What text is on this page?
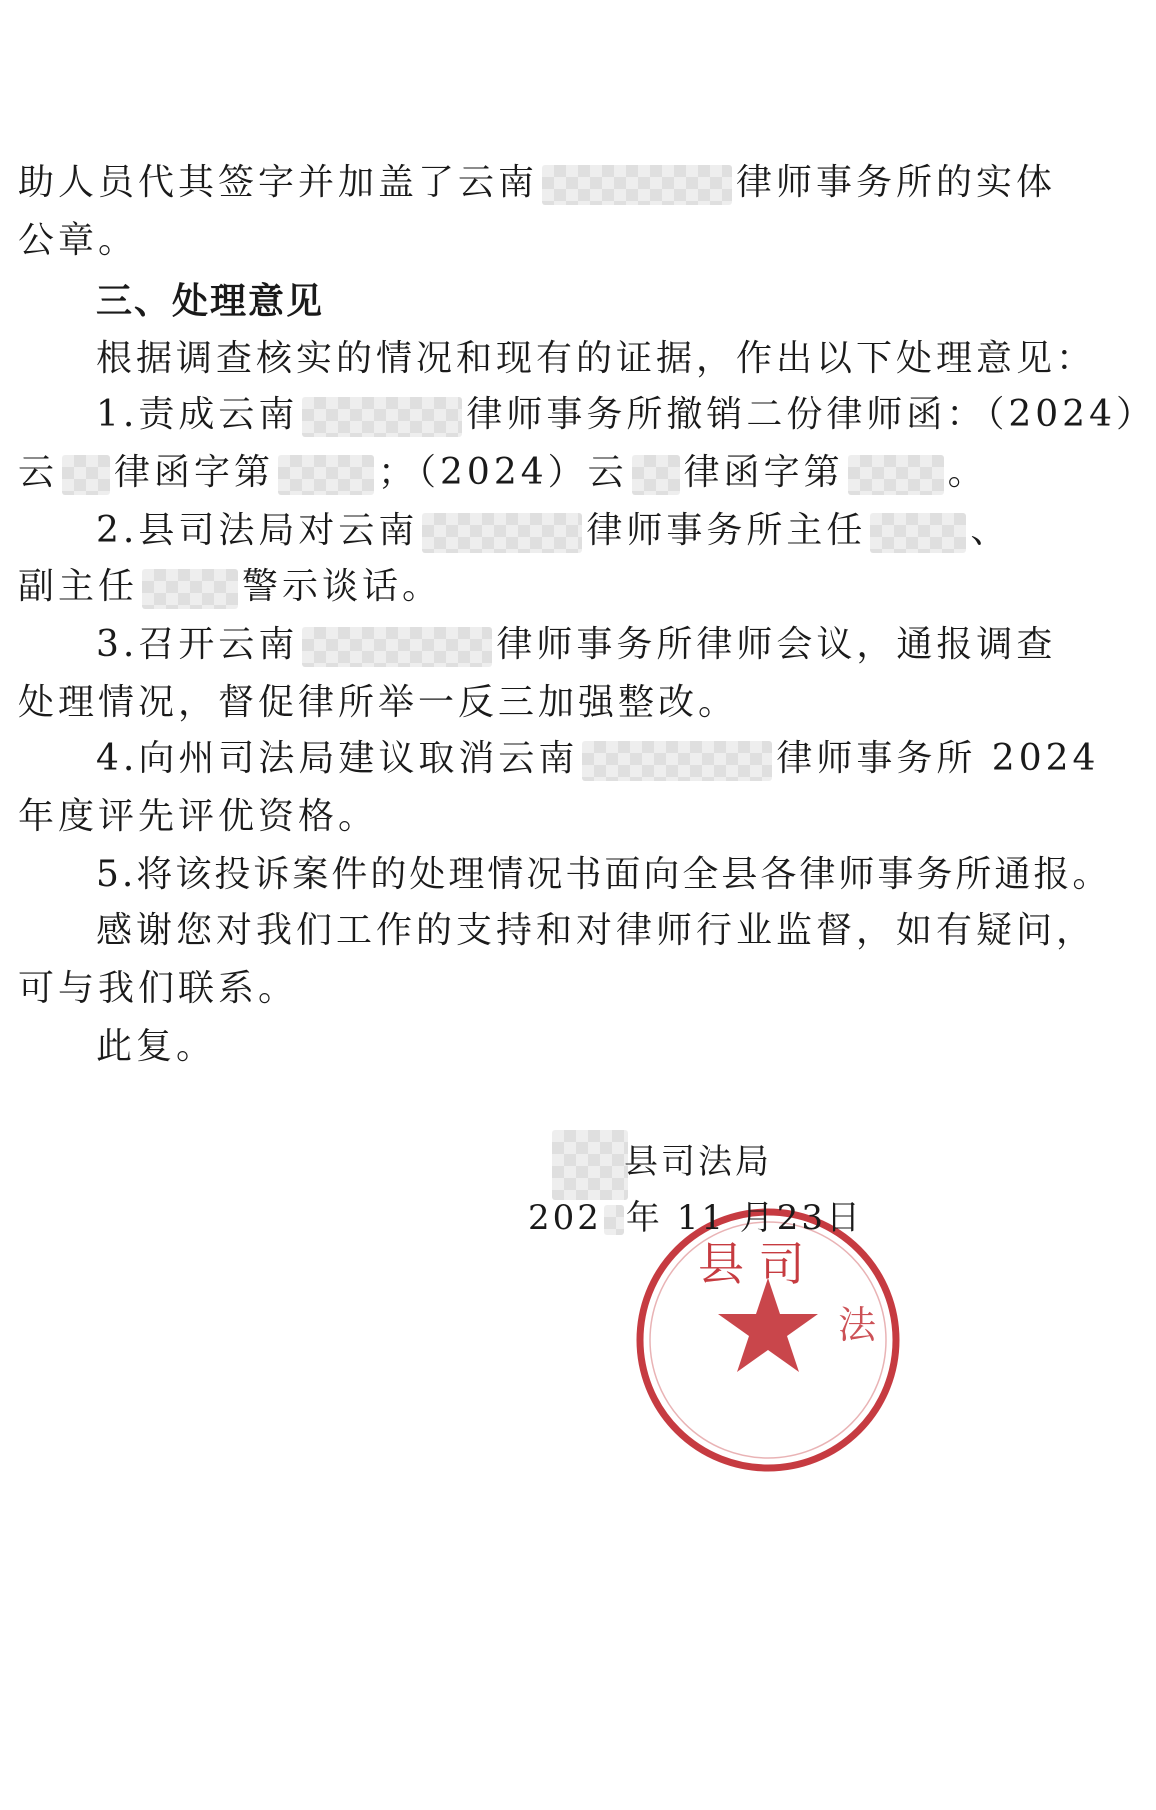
助人员代其签字并加盖了云南	律师事务所的实体
公章。
三、处理意见
根据调查核实的情况和现有的证据，作出以下处理意见：
1.责成云南	律师事务所撤销二份律师函：（2024）
云 律函字第	；（2024）云 律函字第	。
2.县司法局对云南	律师事务所主任	、
副主任	警示谈话。
3.召开云南	律师事务所律师会议，通报调查
处理情况，督促律所举一反三加强整改。
4.向州司法局建议取消云南	律师事务所 2024
年度评先评优资格。
5.将该投诉案件的处理情况书面向全县各律师事务所通报。
感谢您对我们工作的支持和对律师行业监督，如有疑问，
可与我们联系。
此复。
县 司
法
县司法局
202 年 11 月23日
